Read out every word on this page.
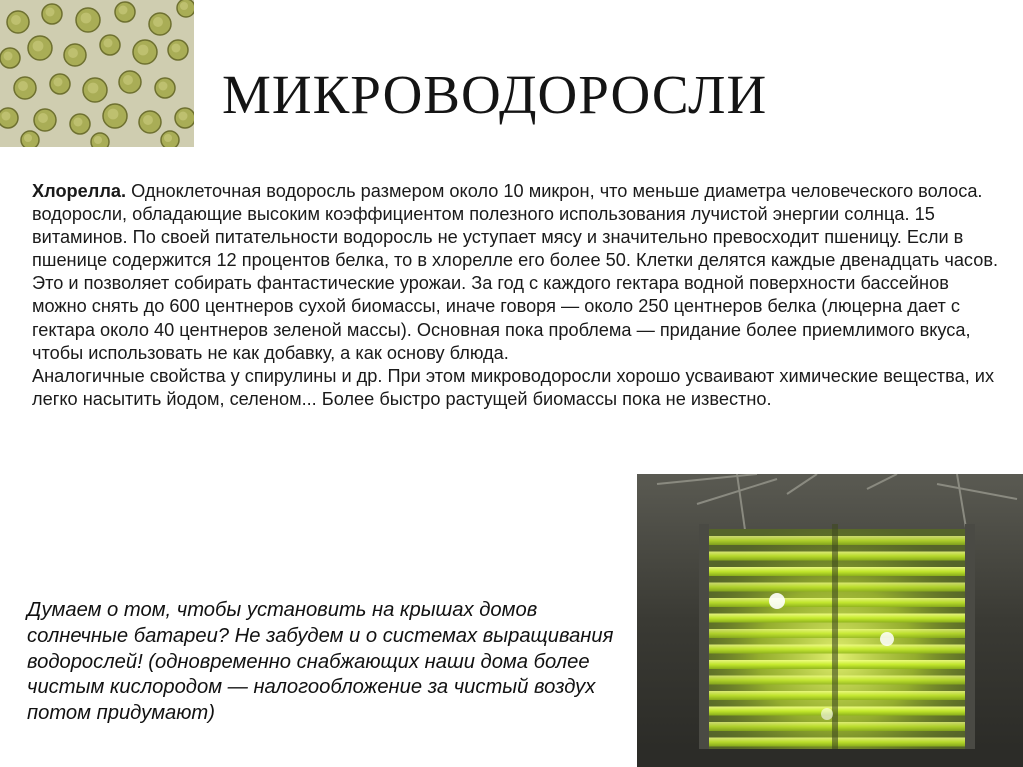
МИКРОВОДОРОСЛИ
Хлорелла. Одноклеточная водоросль размером около 10 микрон, что меньше диаметра человеческого волоса. водоросли, обладающие высоким коэффициентом полезного использования лучистой энергии солнца. 15 витаминов. По своей питательности водоросль не уступает мясу и значительно превосходит пшеницу. Если в пшенице содержится 12 процентов белка, то в хлорелле его более 50. Клетки делятся каждые двенадцать часов. Это и позволяет собирать фантастические урожаи. За год с каждого гектара водной поверхности бассейнов можно снять до 600 центнеров сухой биомассы, иначе говоря — около 250 центнеров белка (люцерна дает с гектара около 40 центнеров зеленой массы). Основная пока проблема — придание более приемлимого вкуса, чтобы использовать не как добавку, а как основу блюда.
Аналогичные свойства у спирулины и др. При этом микроводоросли хорошо усваивают химические вещества, их легко насытить йодом, селеном... Более быстро растущей биомассы пока не известно.

Думаем о том, чтобы установить на крышах домов солнечные батареи? Не забудем и о системах выращивания водорослей! (одновременно снабжающих наши дома более чистым кислородом — налогообложение за чистый воздух потом придумают)
